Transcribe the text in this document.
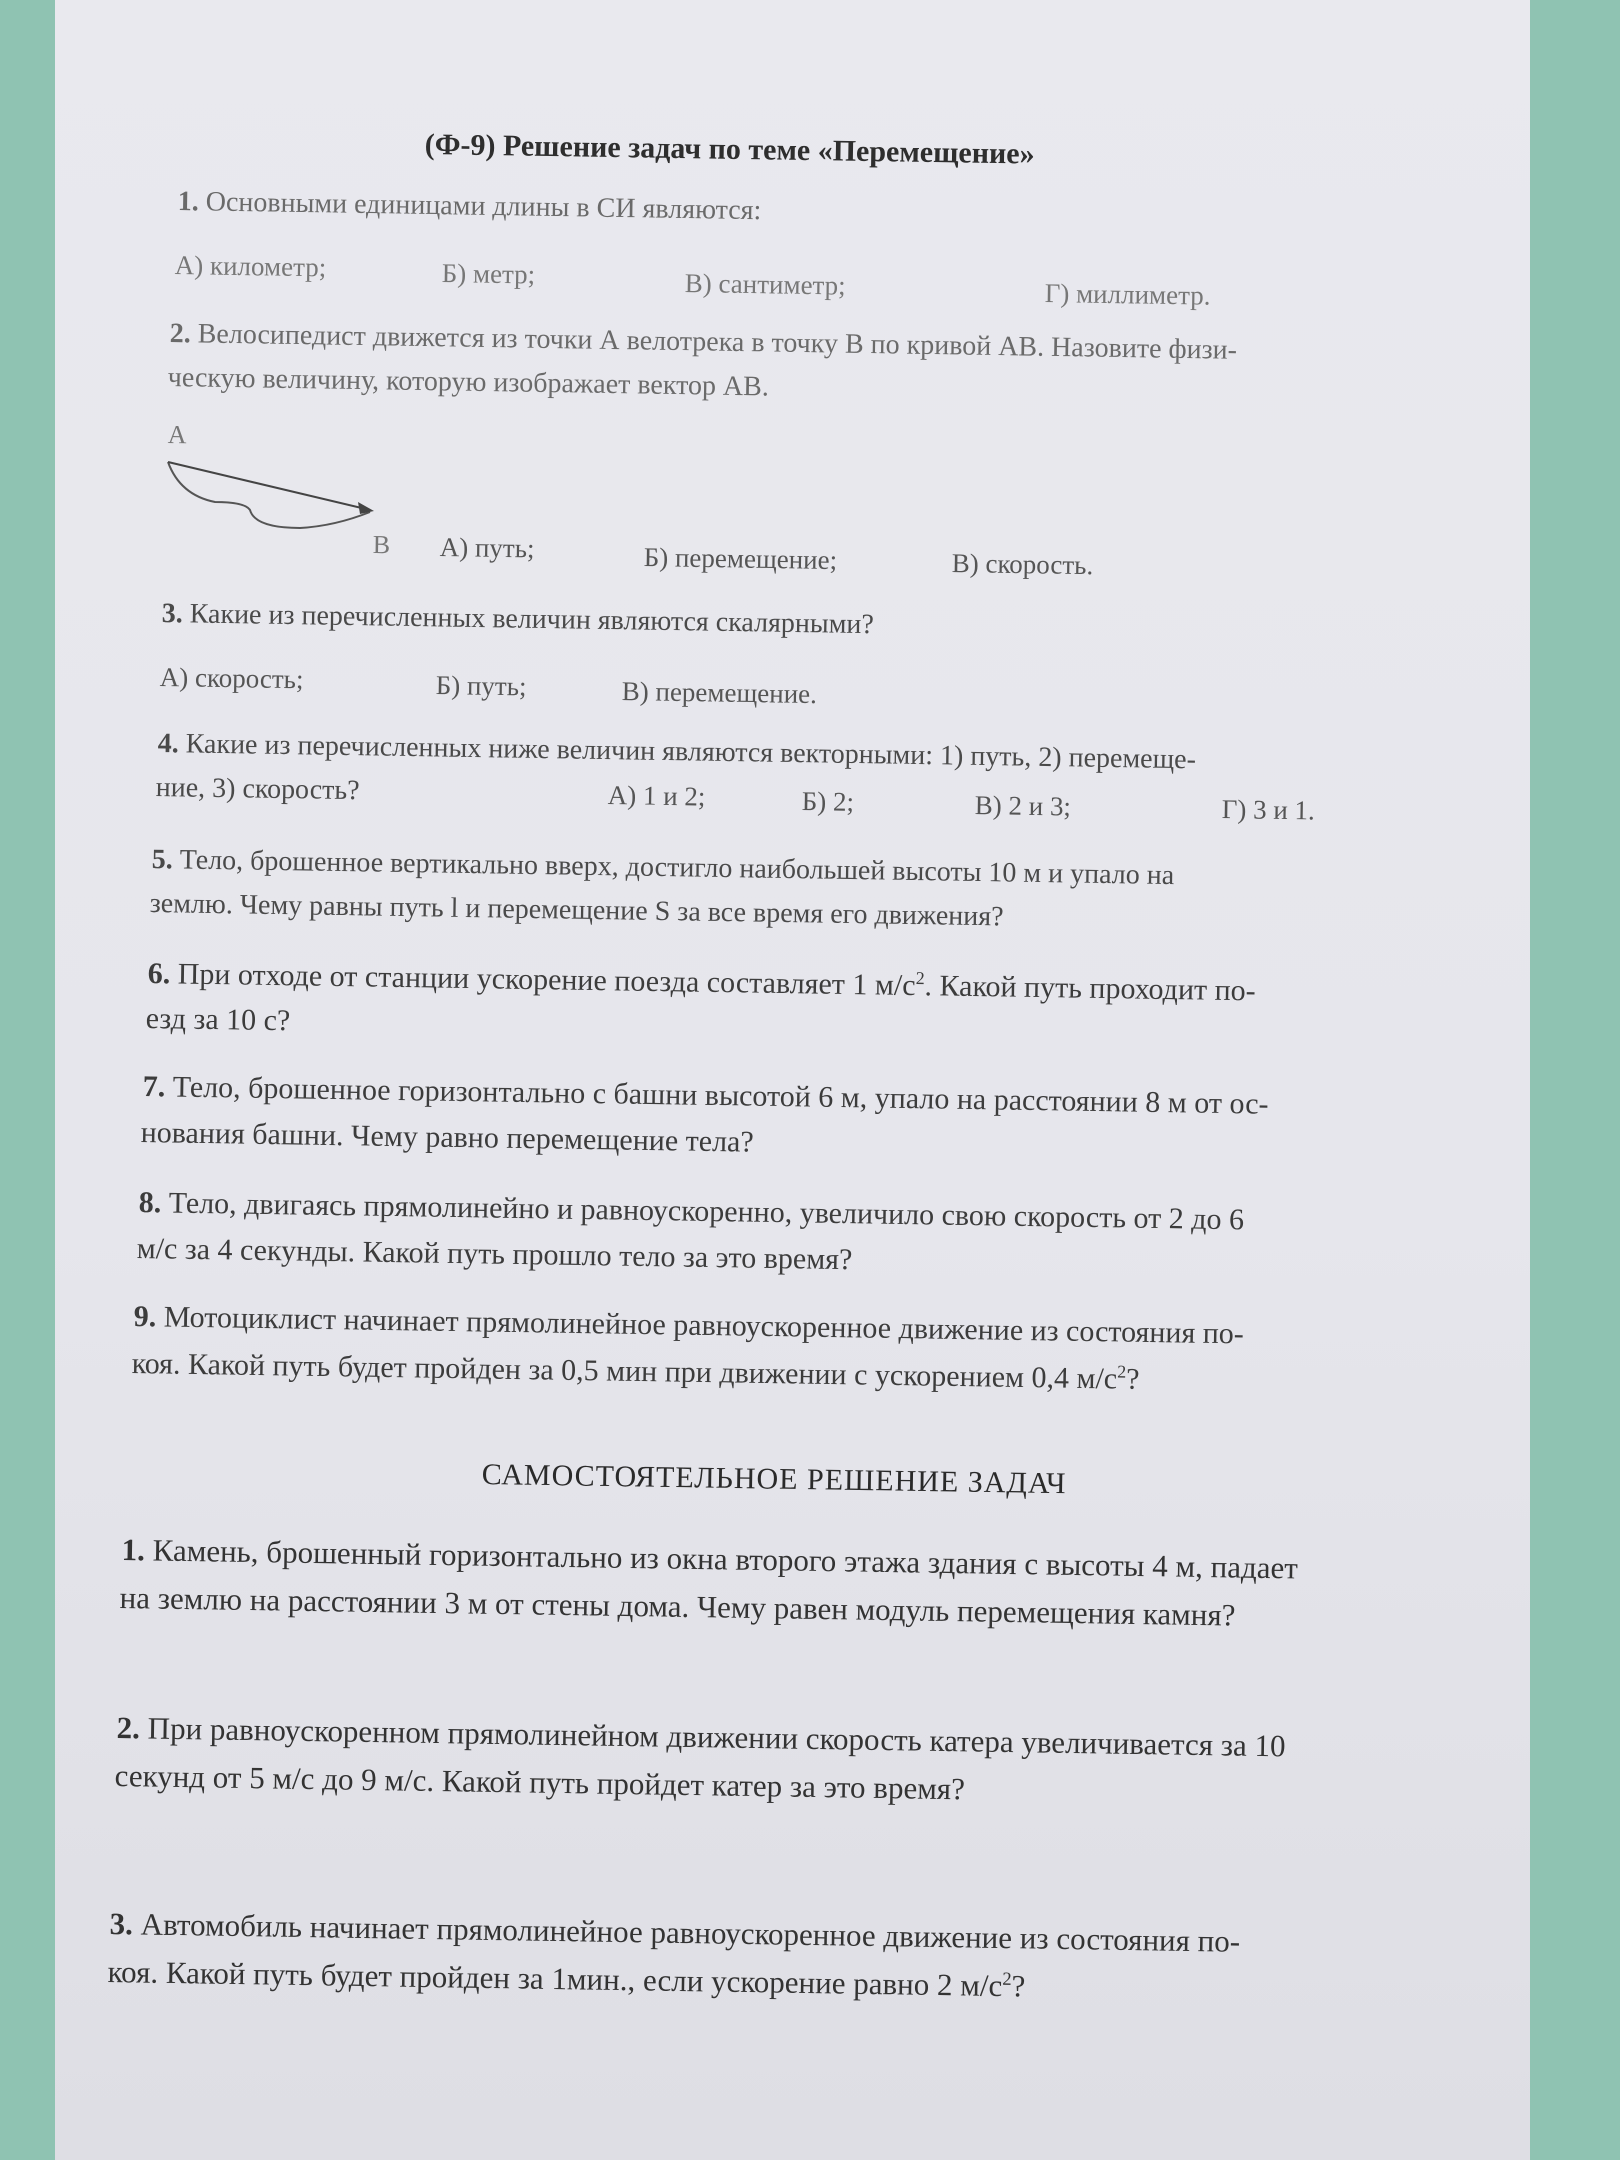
(Ф-9) Решение задач по теме «Перемещение»
1. Основными единицами длины в СИ являются:
А) километр;	Б) метр;	В) сантиметр;	Г) миллиметр.
2. Велосипедист движется из точки А велотрека в точку В по кривой АВ. Назовите физи-
ческую величину, которую изображает вектор АВ.
А
В А) путь;	Б) перемещение;	В) скорость.
3. Какие из перечисленных величин являются скалярными?
А) скорость;	Б) путь;	В) перемещение.
4. Какие из перечисленных ниже величин являются векторными: 1) путь, 2) перемеще-
ние, 3) скорость?	А) 1 и 2;	Б) 2;	В) 2 и 3;	Г) 3 и 1.
5. Тело, брошенное вертикально вверх, достигло наибольшей высоты 10 м и упало на
землю. Чему равны путь l и перемещение S за все время его движения?
6. При отходе от станции ускорение поезда составляет 1 $м/с^2$. Какой путь проходит по-
езд за 10 с?
7. Тело, брошенное горизонтально с башни высотой 6 м, упало на расстоянии 8 м от ос-
нования башни. Чему равно перемещение тела?
8. Тело, двигаясь прямолинейно и равноускоренно, увеличило свою скорость от 2 до 6
м/с за 4 секунды. Какой путь прошло тело за это время?
9. Мотоциклист начинает прямолинейное равноускоренное движение из состояния по-
коя. Какой путь будет пройден за 0,5 мин при движении с ускорением 0,4 $м/с^2$?
САМОСТОЯТЕЛЬНОЕ РЕШЕНИЕ ЗАДАЧ
1. Камень, брошенный горизонтально из окна второго этажа здания с высоты 4 м, падает
на землю на расстоянии 3 м от стены дома. Чему равен модуль перемещения камня?
2. При равноускоренном прямолинейном движении скорость катера увеличивается за 10
секунд от 5 м/с до 9 м/с. Какой путь пройдет катер за это время?
3. Автомобиль начинает прямолинейное равноускоренное движение из состояния по-
коя. Какой путь будет пройден за 1мин., если ускорение равно 2 $м/с^2$?
